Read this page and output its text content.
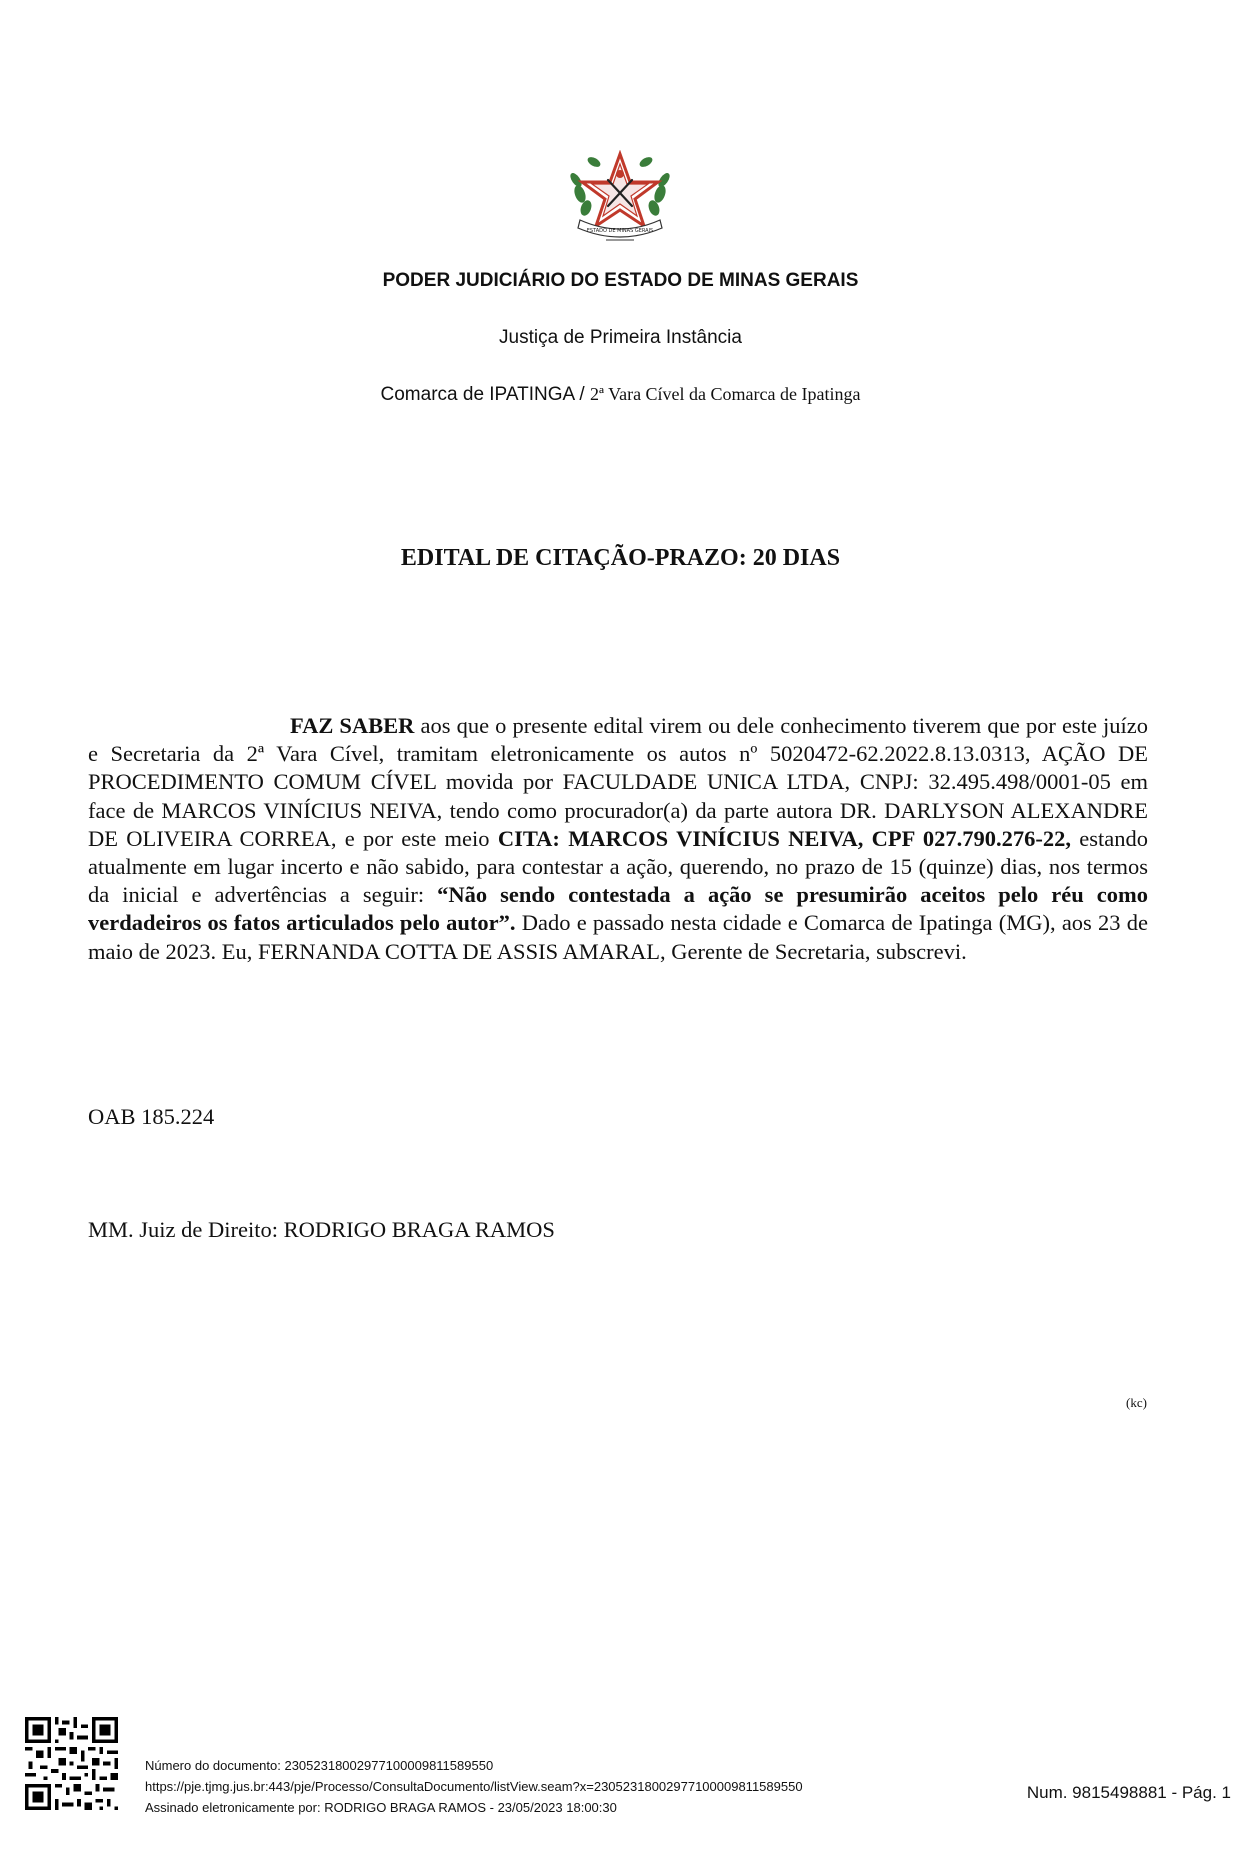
ESTADO DE MINAS GERAIS
PODER JUDICIÁRIO DO ESTADO DE MINAS GERAIS
Justiça de Primeira Instância
Comarca de IPATINGA / 2ª Vara Cível da Comarca de Ipatinga
EDITAL DE CITAÇÃO-PRAZO: 20 DIAS
FAZ SABER aos que o presente edital virem ou dele conhecimento tiverem que por este juízo e Secretaria da 2ª Vara Cível, tramitam eletronicamente os autos nº 5020472-62.2022.8.13.0313, AÇÃO DE PROCEDIMENTO COMUM CÍVEL movida por FACULDADE UNICA LTDA, CNPJ: 32.495.498/0001-05 em face de MARCOS VINÍCIUS NEIVA, tendo como procurador(a) da parte autora DR. DARLYSON ALEXANDRE DE OLIVEIRA CORREA, e por este meio CITA: MARCOS VINÍCIUS NEIVA, CPF 027.790.276-22, estando atualmente em lugar incerto e não sabido, para contestar a ação, querendo, no prazo de 15 (quinze) dias, nos termos da inicial e advertências a seguir: “Não sendo contestada a ação se presumirão aceitos pelo réu como verdadeiros os fatos articulados pelo autor”. Dado e passado nesta cidade e Comarca de Ipatinga (MG), aos 23 de maio de 2023. Eu, FERNANDA COTTA DE ASSIS AMARAL, Gerente de Secretaria, subscrevi.
OAB 185.224
MM. Juiz de Direito: RODRIGO BRAGA RAMOS
(kc)
Número do documento: 23052318002977100009811589550
https://pje.tjmg.jus.br:443/pje/Processo/ConsultaDocumento/listView.seam?x=23052318002977100009811589550
Assinado eletronicamente por: RODRIGO BRAGA RAMOS - 23/05/2023 18:00:30
Num. 9815498881 - Pág. 1
